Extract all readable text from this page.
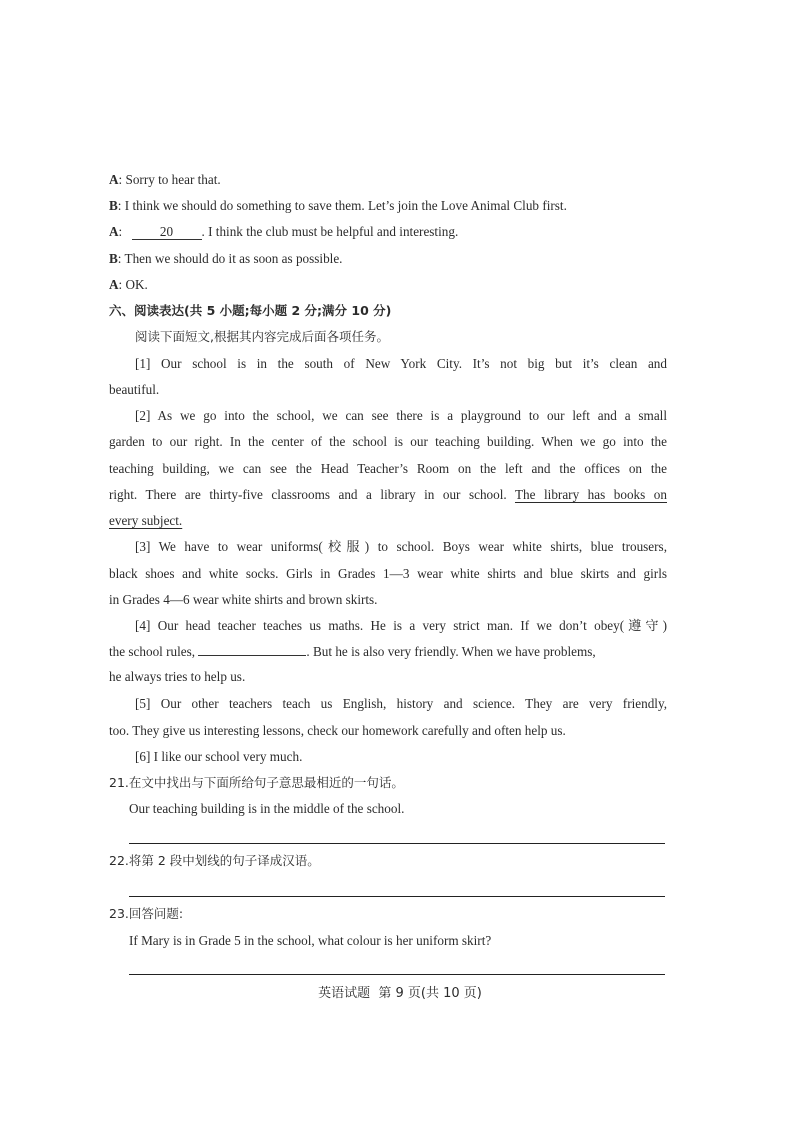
A: Sorry to hear that.
B: I think we should do something to save them. Let’s join the Love Animal Club first.
A:	20 . I think the club must be helpful and interesting.
B: Then we should do it as soon as possible.
A: OK.
六、阅读表达(共 5 小题;每小题 2 分;满分 10 分)
阅读下面短文,根据其内容完成后面各项任务。
[1] Our school is in the south of New York City. It’s not big but it’s clean and
beautiful.
[2] As we go into the school, we can see there is a playground to our left and a small
garden to our right. In the center of the school is our teaching building. When we go into the
teaching building, we can see the Head Teacher’s Room on the left and the offices on the
right. There are thirty-five classrooms and a library in our school. The library has books on
every subject.
[3] We have to wear uniforms(校服) to school. Boys wear white shirts, blue trousers,
black shoes and white socks. Girls in Grades 1—3 wear white shirts and blue skirts and girls
in Grades 4—6 wear white shirts and brown skirts.
[4] Our head teacher teaches us maths. He is a very strict man. If we don’t obey(遵守)
the school rules,	. But he is also very friendly. When we have problems,
he always tries to help us.
[5] Our other teachers teach us English, history and science. They are very friendly,
too. They give us interesting lessons, check our homework carefully and often help us.
[6] I like our school very much.
21.在文中找出与下面所给句子意思最相近的一句话。
Our teaching building is in the middle of the school.
22.将第 2 段中划线的句子译成汉语。
23.回答问题:
If Mary is in Grade 5 in the school, what colour is her uniform skirt?
英语试题  第 9 页(共 10 页)
